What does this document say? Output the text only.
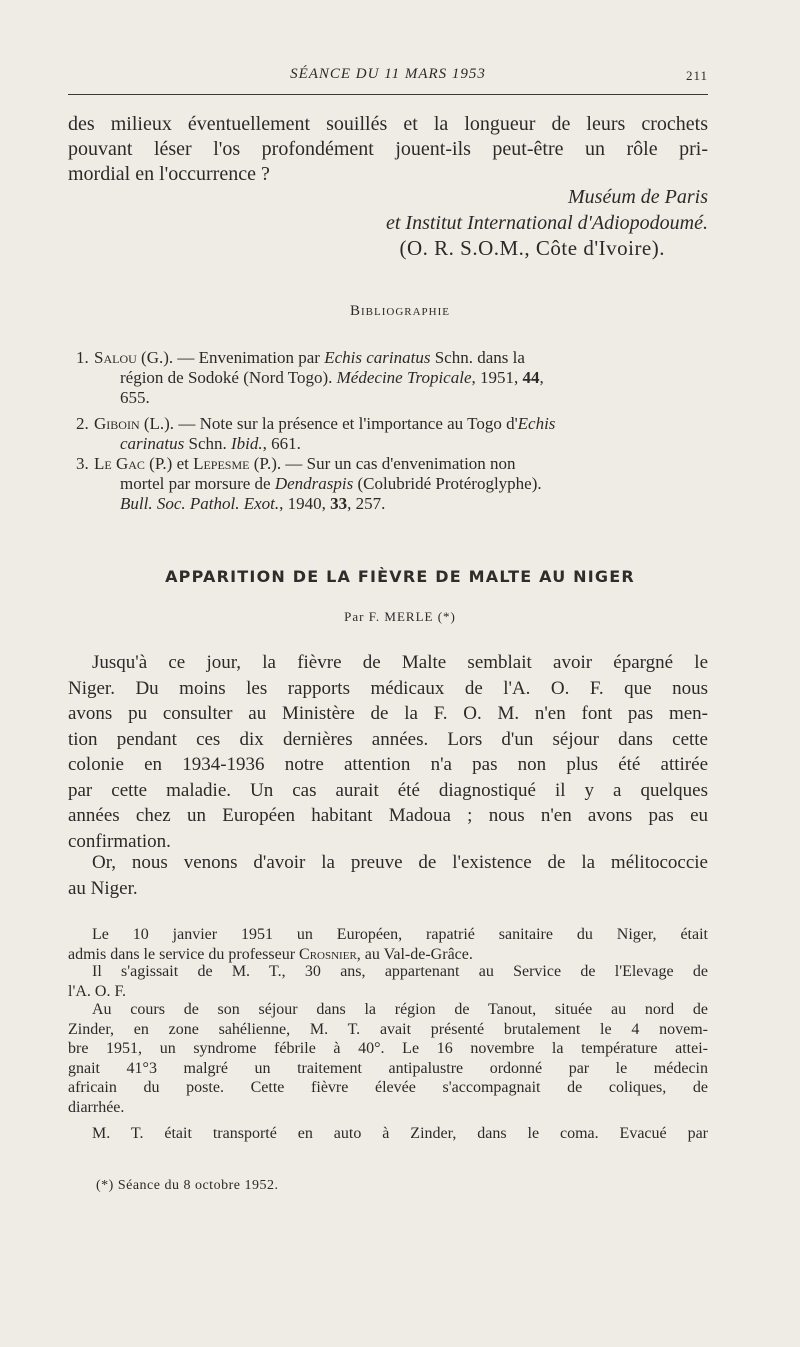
SÉANCE DU 11 MARS 1953	211
des milieux éventuellement souillés et la longueur de leurs crochets
pouvant léser l'os profondément jouent-ils peut-être un rôle pri-
mordial en l'occurrence ?
Muséum de Paris
et Institut International d'Adiopodoumé.
(O. R. S.O.M., Côte d'Ivoire).
Bibliographie
1. Salou (G.). — Envenimation par Echis carinatus Schn. dans la
région de Sodoké (Nord Togo). Médecine Tropicale, 1951, 44,
655.
2. Giboin (L.). — Note sur la présence et l'importance au Togo d'Echis
carinatus Schn. Ibid., 661.
3. Le Gac (P.) et Lepesme (P.). — Sur un cas d'envenimation non
mortel par morsure de Dendraspis (Colubridé Protéroglyphe).
Bull. Soc. Pathol. Exot., 1940, 33, 257.
APPARITION DE LA FIÈVRE DE MALTE AU NIGER
Par F. MERLE (*)
Jusqu'à ce jour, la fièvre de Malte semblait avoir épargné le
Niger. Du moins les rapports médicaux de l'A. O. F. que nous
avons pu consulter au Ministère de la F. O. M. n'en font pas men-
tion pendant ces dix dernières années. Lors d'un séjour dans cette
colonie en 1934-1936 notre attention n'a pas non plus été attirée
par cette maladie. Un cas aurait été diagnostiqué il y a quelques
années chez un Européen habitant Madoua ; nous n'en avons pas eu
confirmation.
Or, nous venons d'avoir la preuve de l'existence de la mélitococcie
au Niger.
Le 10 janvier 1951 un Européen, rapatrié sanitaire du Niger, était
admis dans le service du professeur Crosnier, au Val-de-Grâce.
Il s'agissait de M. T., 30 ans, appartenant au Service de l'Elevage de
l'A. O. F.
Au cours de son séjour dans la région de Tanout, située au nord de
Zinder, en zone sahélienne, M. T. avait présenté brutalement le 4 novem-
bre 1951, un syndrome fébrile à 40°. Le 16 novembre la température attei-
gnait 41°3 malgré un traitement antipalustre ordonné par le médecin
africain du poste. Cette fièvre élevée s'accompagnait de coliques, de
diarrhée.
M. T. était transporté en auto à Zinder, dans le coma. Evacué par
(*) Séance du 8 octobre 1952.
